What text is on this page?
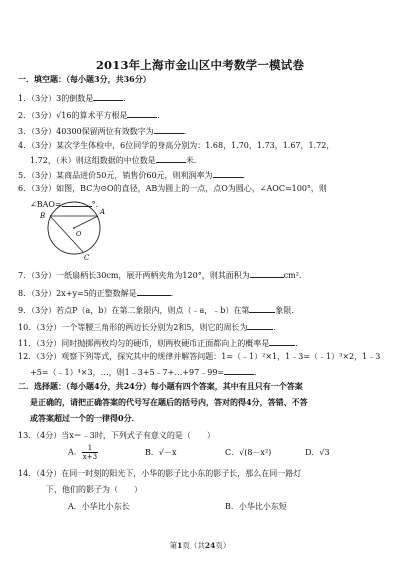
2013年上海市金山区中考数学一模试卷
一．填空题：（每小题3分，共36分）
1．（3分）3的倒数是	．
2．（3分）√16的算术平方根是	．
3．（3分）40300保留两位有效数字为	．
4．（3分）某次学生体检中，6位同学的身高分别为：1.68，1.70，1.73，1.67，1.72，
1.72，（米）则这组数据的中位数是	米．
5．（3分）某商品进价50元，销售价60元，则利润率为	．
6．（3分）如图，BC为⊙O的直径，AB为圆上的一点，点O为圆心，∠AOC=100°，则
∠BAO=	°．
B	A
C
O
7．（3分）一纸扇柄长30cm，展开两柄夹角为120°，则其面积为	cm².
8．（3分）2x+y=5的正整数解是	．
9．（3分）若点P（a，b）在第二象限内，则点（﹣a，﹣b）在第	象限．
10．（3分）一个等腰三角形的两边长分别为2和5，则它的周长为	．
11．（3分）同时抛掷两枚均匀的硬币，则两枚硬币正面都向上的概率是	．
12．（3分）观察下列等式，探究其中的规律并解答问题：1=（﹣1）²×1，1﹣3=（﹣1）³×2，1﹣3
+5=（﹣1）⁴×3，…，则1﹣3+5﹣7+…+97﹣99=	．
二．选择题：（每小题4分，共24分）每小题有四个答案，其中有且只有一个答案
是正确的，请把正确答案的代号写在题后的括号内，答对的得4分，答错、不答
或答案超过一个的一律得0分．
13．（4分）当x＝﹣3时，下列式子有意义的是（　　）
A． $\frac{1}{x+3}$	B．√－x	C．√(8－x²)	D．√3
14．（4分）在同一时刻的阳光下，小华的影子比小东的影子长，那么在同一路灯
下，他们的影子为（　　）
A．小华比小东长	B．小华比小东短
第1页（共24页）
